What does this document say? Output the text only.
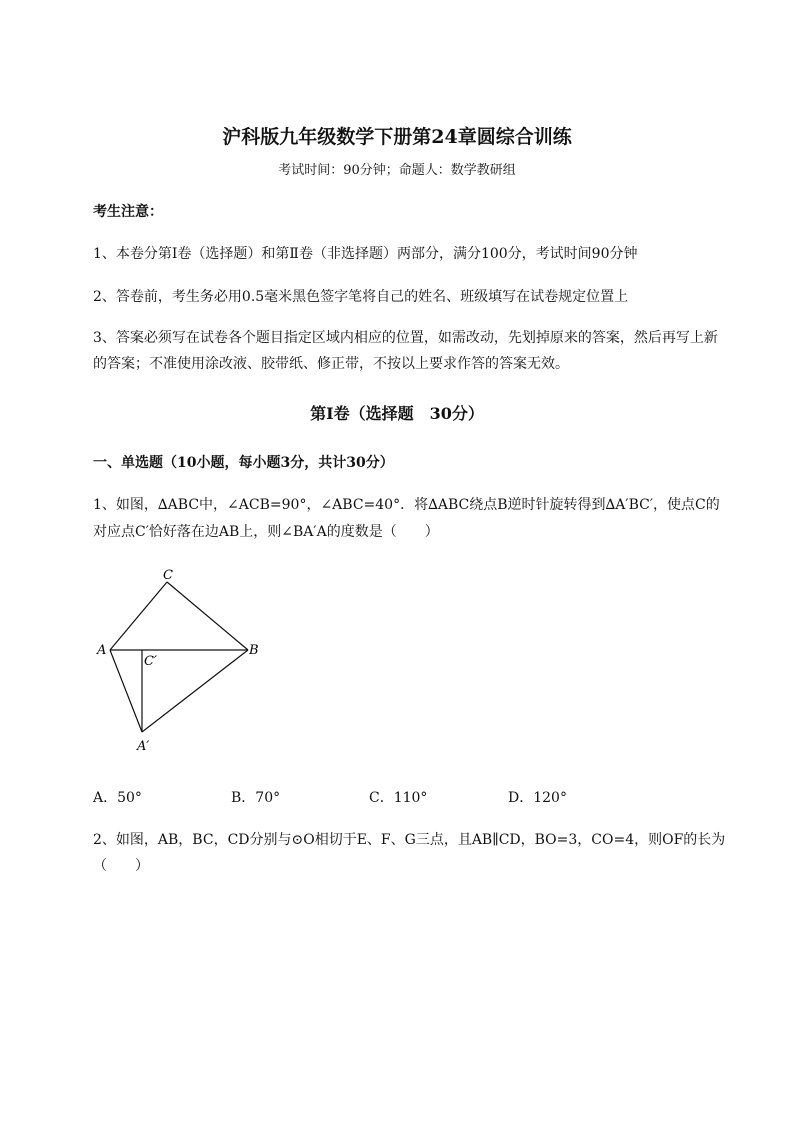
沪科版九年级数学下册第24章圆综合训练
考试时间：90分钟；命题人：数学教研组
考生注意：
1、本卷分第I卷（选择题）和第Ⅱ卷（非选择题）两部分，满分100分，考试时间90分钟
2、答卷前，考生务必用0.5毫米黑色签字笔将自己的姓名、班级填写在试卷规定位置上
3、答案必须写在试卷各个题目指定区域内相应的位置，如需改动，先划掉原来的答案，然后再写上新
的答案；不准使用涂改液、胶带纸、修正带，不按以上要求作答的答案无效。
第I卷（选择题　30分）
一、单选题（10小题，每小题3分，共计30分）
1、如图，∆ABC中，∠ACB=90°，∠ABC=40°．将∆ABC绕点B逆时针旋转得到∆A′BC′，使点C的
对应点C′恰好落在边AB上，则∠BA′A的度数是（　　）
C
A	B
C′
A′
A．50°	B．70°	C．110°	D．120°
2、如图，AB，BC，CD分别与⊙O相切于E、F、G三点，且AB∥CD，BO=3，CO=4，则OF的长为
（　　）
